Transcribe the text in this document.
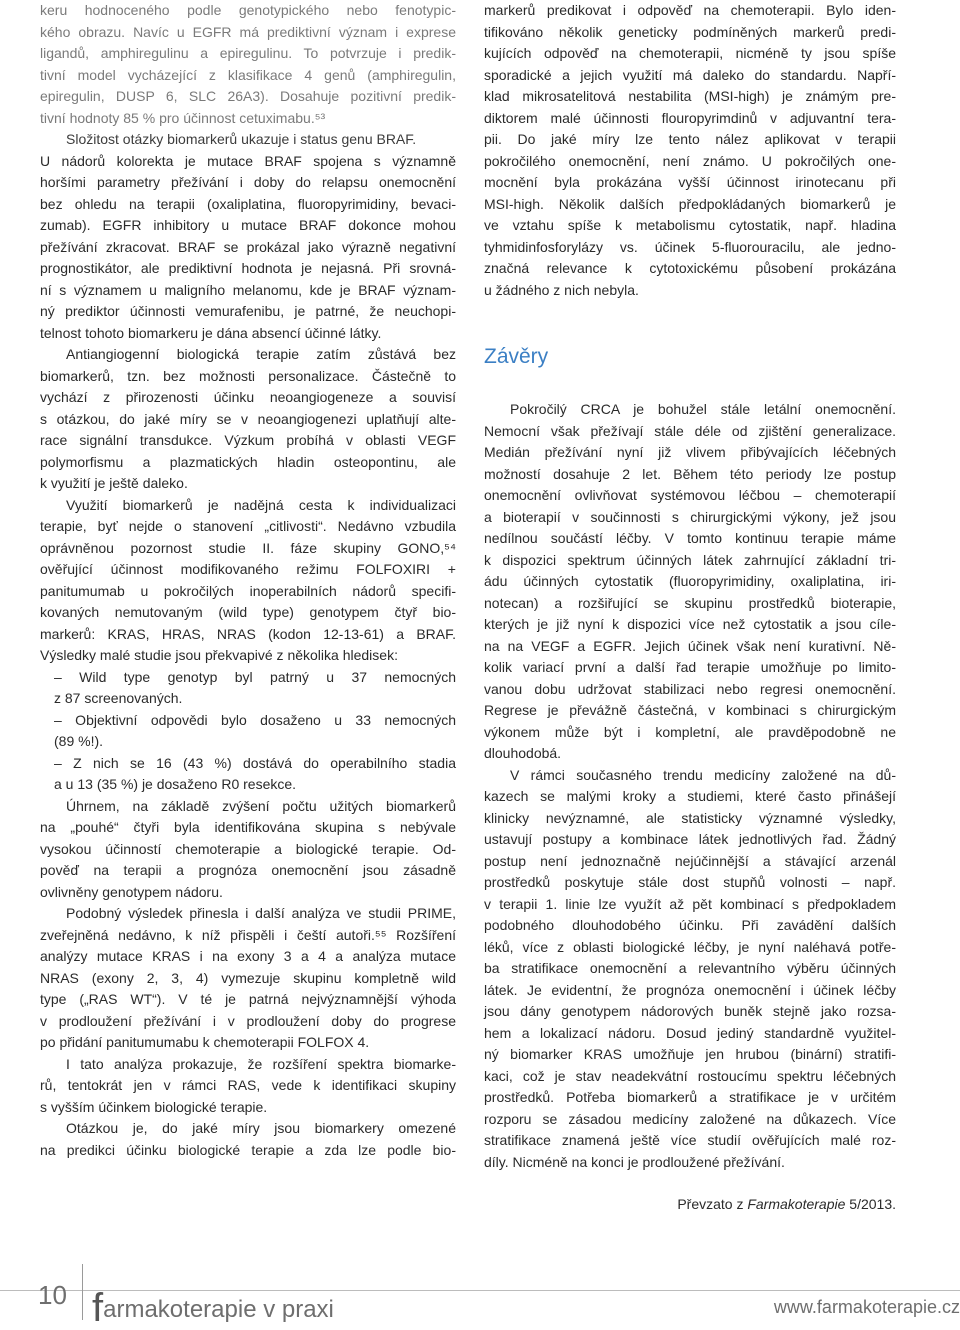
keru hodnoceného podle genotypického nebo fenotypic-
kého obrazu. Navíc u EGFR má prediktivní význam i expresе
ligandů, amphiregulinu a epiregulinu. To potvrzuje i predik-
tivní model vycházející z klasifikace 4 genů (amphiregulin,
epiregulin, DUSP 6, SLC 26A3). Dosahuje pozitivní predik-
tivní hodnoty 85 % pro účinnost cetuximabu.⁵³
Složitost otázky biomarkerů ukazuje i status genu BRAF.
U nádorů kolorekta je mutace BRAF spojena s významně
horšími parametry přežívání i doby do relapsu onemocnění
bez ohledu na terapii (oxaliplatina, fluoropyrimidiny, bevaci-
zumab). EGFR inhibitory u mutace BRAF dokonce mohou
přežívání zkracovat. BRAF se prokázal jako výrazně negativní
prognostikátor, ale prediktivní hodnota je nejasná. Při srovná-
ní s významem u maligního melanomu, kde je BRAF význam-
ný prediktor účinnosti vemurafenibu, je patrné, že neuchopi-
telnost tohoto biomarkeru je dána absencí účinné látky.
Antiangiogenní biologická terapie zatím zůstává bez
biomarkerů, tzn. bez možnosti personalizace. Částečně to
vychází z přirozenosti účinku neoangiogeneze a souvisí
s otázkou, do jaké míry se v neoangiogenezi uplatňují alte-
race signální transdukce. Výzkum probíhá v oblasti VEGF
polymorfismu a plazmatických hladin osteopontinu, ale
k využití je ještě daleko.
Využití biomarkerů je nadějná cesta k individualizaci
terapie, byť nejde o stanovení „citlivosti“. Nedávno vzbudila
oprávněnou pozornost studie II. fáze skupiny GONO,⁵⁴
ověřující účinnost modifikovaného režimu FOLFOXIRI +
panitumumab u pokročilých inoperabilních nádorů specifi-
kovaných nemutovaným (wild type) genotypem čtyř bio-
markerů: KRAS, HRAS, NRAS (kodon 12-13-61) a BRAF.
Výsledky malé studie jsou překvapivé z několika hledisek:
– Wild type genotyp byl patrný u 37 nemocných
z 87 screenovaných.
– Objektivní odpovědi bylo dosaženo u 33 nemocných
(89 %!).
– Z nich se 16 (43 %) dostává do operabilního stadia
a u 13 (35 %) je dosaženo R0 resekce.
Úhrnem, na základě zvýšení počtu užitých biomarkerů
na „pouhé“ čtyři byla identifikována skupina s nebývale
vysokou účinností chemoterapie a biologické terapie. Od-
pověď na terapii a prognóza onemocnění jsou zásadně
ovlivněny genotypem nádoru.
Podobný výsledek přinesla i další analýza ve studii PRIME,
zveřejněná nedávno, k níž přispěli i čeští autoři.⁵⁵ Rozšíření
analýzy mutace KRAS i na exony 3 a 4 a analýza mutace
NRAS (exony 2, 3, 4) vymezuje skupinu kompletně wild
type („RAS WT“). V té je patrná nejvýznamnější výhoda
v prodloužení přežívání i v prodloužení doby do progrese
po přidání panitumumabu k chemoterapii FOLFOX 4.
I tato analýza prokazuje, že rozšíření spektra biomarke-
rů, tentokrát jen v rámci RAS, vede k identifikaci skupiny
s vyšším účinkem biologické terapie.
Otázkou je, do jaké míry jsou biomarkery omezené
na predikci účinku biologické terapie a zda lze podle bio-
markerů predikovat i odpověď na chemoterapii. Bylo iden-
tifikováno několik geneticky podmíněných markerů predi-
kujících odpověď na chemoterapii, nicméně ty jsou spíše
sporadické a jejich využití má daleko do standardu. Napří-
klad mikrosatelitová nestabilita (MSI-high) je známým pre-
diktorem malé účinnosti flouropyrimdinů v adjuvantní tera-
pii. Do jaké míry lze tento nález aplikovat v terapii
pokročilého onemocnění, není známo. U pokročilých one-
mocnění byla prokázána vyšší účinnost irinotecanu při
MSI-high. Několik dalších předpokládaných biomarkerů je
ve vztahu spíše k metabolismu cytostatik, např. hladina
tyhmidinfosforylázy vs. účinek 5-fluorouracilu, ale jedno-
značná relevance k cytotoxickému působení prokázána
u žádného z nich nebyla.
Závěry
Pokročilý CRCA je bohužel stále letální onemocnění.
Nemocní však přežívají stále déle od zjištění generalizace.
Medián přežívání nyní již vlivem přibývajících léčebných
možností dosahuje 2 let. Během této periody lze postup
onemocnění ovlivňovat systémovou léčbou – chemoterapií
a bioterapií v součinnosti s chirurgickými výkony, jež jsou
nedílnou součástí léčby. V tomto kontinuu terapie máme
k dispozici spektrum účinných látek zahrnující základní tri-
ádu účinných cytostatik (fluoropyrimidiny, oxaliplatina, iri-
notecan) a rozšiřující se skupinu prostředků bioterapie,
kterých je již nyní k dispozici více než cytostatik a jsou cíle-
na na VEGF a EGFR. Jejich účinek však není kurativní. Ně-
kolik variací první a další řad terapie umožňuje po limito-
vanou dobu udržovat stabilizaci nebo regresi onemocnění.
Regrese je převážně částečná, v kombinaci s chirurgickým
výkonem může být i kompletní, ale pravděpodobně ne
dlouhodobá.
V rámci současného trendu medicíny založené na dů-
kazech se malými kroky a studiemi, které často přinášejí
klinicky nevýznamné, ale statisticky významné výsledky,
ustavují postupy a kombinace látek jednotlivých řad. Žádný
postup není jednoznačně nejúčinnější a stávající arzenál
prostředků poskytuje stále dost stupňů volnosti – např.
v terapii 1. linie lze využít až pět kombinací s předpokladem
podobného dlouhodobého účinku. Při zavádění dalších
léků, více z oblasti biologické léčby, je nyní naléhavá potře-
ba stratifikace onemocnění a relevantního výběru účinných
látek. Je evidentní, že prognóza onemocnění i účinek léčby
jsou dány genotypem nádorových buněk stejně jako rozsa-
hem a lokalizací nádoru. Dosud jediný standardně využitel-
ný biomarker KRAS umožňuje jen hrubou (binární) stratifi-
kaci, což je stav neadekvátní rostoucímu spektru léčebných
prostředků. Potřeba biomarkerů a stratifikace je v určitém
rozporu se zásadou medicíny založené na důkazech. Více
stratifikace znamená ještě více studií ověřujících malé roz-
díly. Nicméně na konci je prodloužené přežívání.
Převzato z Farmakoterapie 5/2013.
10 farmakoterapie v praxi	www.farmakoterapie.cz
